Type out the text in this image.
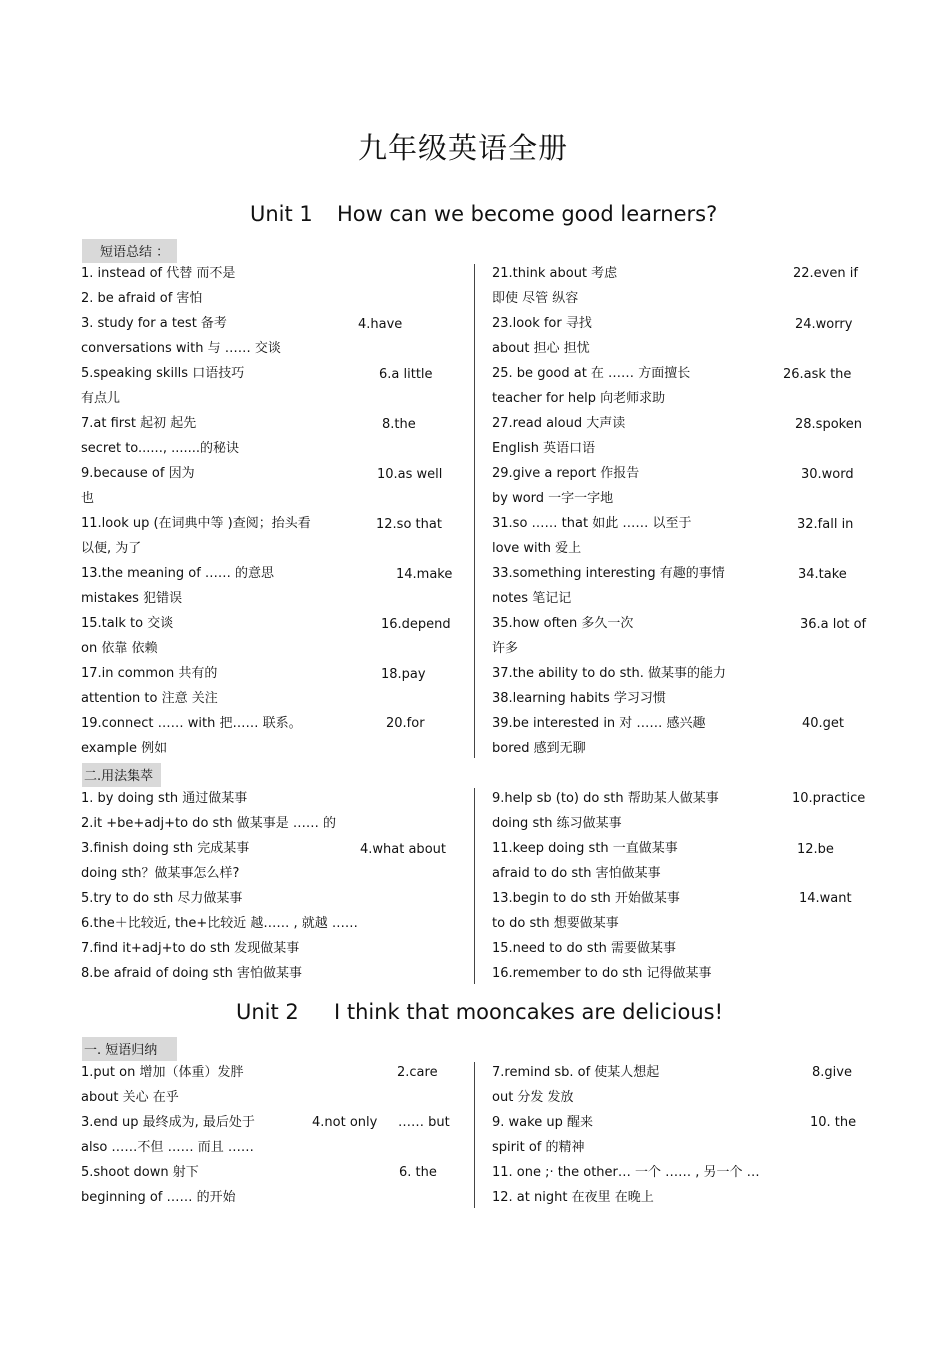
九年级英语全册
Unit 1 How can we become good learners?
短语总结 ：
1. instead of 代替 而不是
2. be afraid of 害怕
3. study for a test 备考
conversations with 与 …… 交谈
5.speaking skills 口语技巧
有点儿
7.at first 起初 起先
secret to......, .......的秘诀
9.because of 因为
也
11.look up (在词典中等 )查阅；抬头看
以便, 为了
13.the meaning of …… 的意思
mistakes 犯错误
15.talk to 交谈
on 依靠 依赖
17.in common 共有的
attention to 注意 关注
19.connect …… with 把…… 联系。
example 例如
4.have
6.a little
8.the
10.as well
12.so that
14.make
16.depend
18.pay
20.for
21.think about 考虑
即使 尽管 纵容
23.look for 寻找
about 担心 担忧
25. be good at 在 …… 方面擅长
teacher for help 向老师求助
27.read aloud 大声读
English 英语口语
29.give a report 作报告
by word 一字一字地
31.so …… that 如此 …… 以至于
love with 爱上
33.something interesting 有趣的事情
notes 笔记记
35.how often 多久一次
许多
37.the ability to do sth. 做某事的能力
38.learning habits 学习习惯
39.be interested in 对 …… 感兴趣
bored 感到无聊
22.even if
24.worry
26.ask the
28.spoken
30.word
32.fall in
34.take
36.a lot of
40.get
二.用法集萃
1. by doing sth 通过做某事
2.it +be+adj+to do sth 做某事是 …… 的
3.finish doing sth 完成某事
doing sth？做某事怎么样?
5.try to do sth 尽力做某事
6.the＋比较近, the+比较近 越…… , 就越 ……
7.find it+adj+to do sth 发现做某事
8.be afraid of doing sth 害怕做某事
4.what about
9.help sb (to) do sth 帮助某人做某事
doing sth 练习做某事
11.keep doing sth 一直做某事
afraid to do sth 害怕做某事
13.begin to do sth 开始做某事
to do sth 想要做某事
15.need to do sth 需要做某事
16.remember to do sth 记得做某事
10.practice
12.be
14.want
Unit 2 I think that mooncakes are delicious!
一. 短语归纳
1.put on 增加（体重）发胖
about 关心 在乎
3.end up 最终成为, 最后处于
also ……不但 …… 而且 ……
5.shoot down 射下
beginning of …… 的开始
2.care
4.not only
6. the
…… but
7.remind sb. of 使某人想起
out 分发 发放
9. wake up 醒来
spirit of 的精神
11. one ;· the other… 一个 …… , 另一个 …
12. at night 在夜里 在晚上
8.give
10. the
